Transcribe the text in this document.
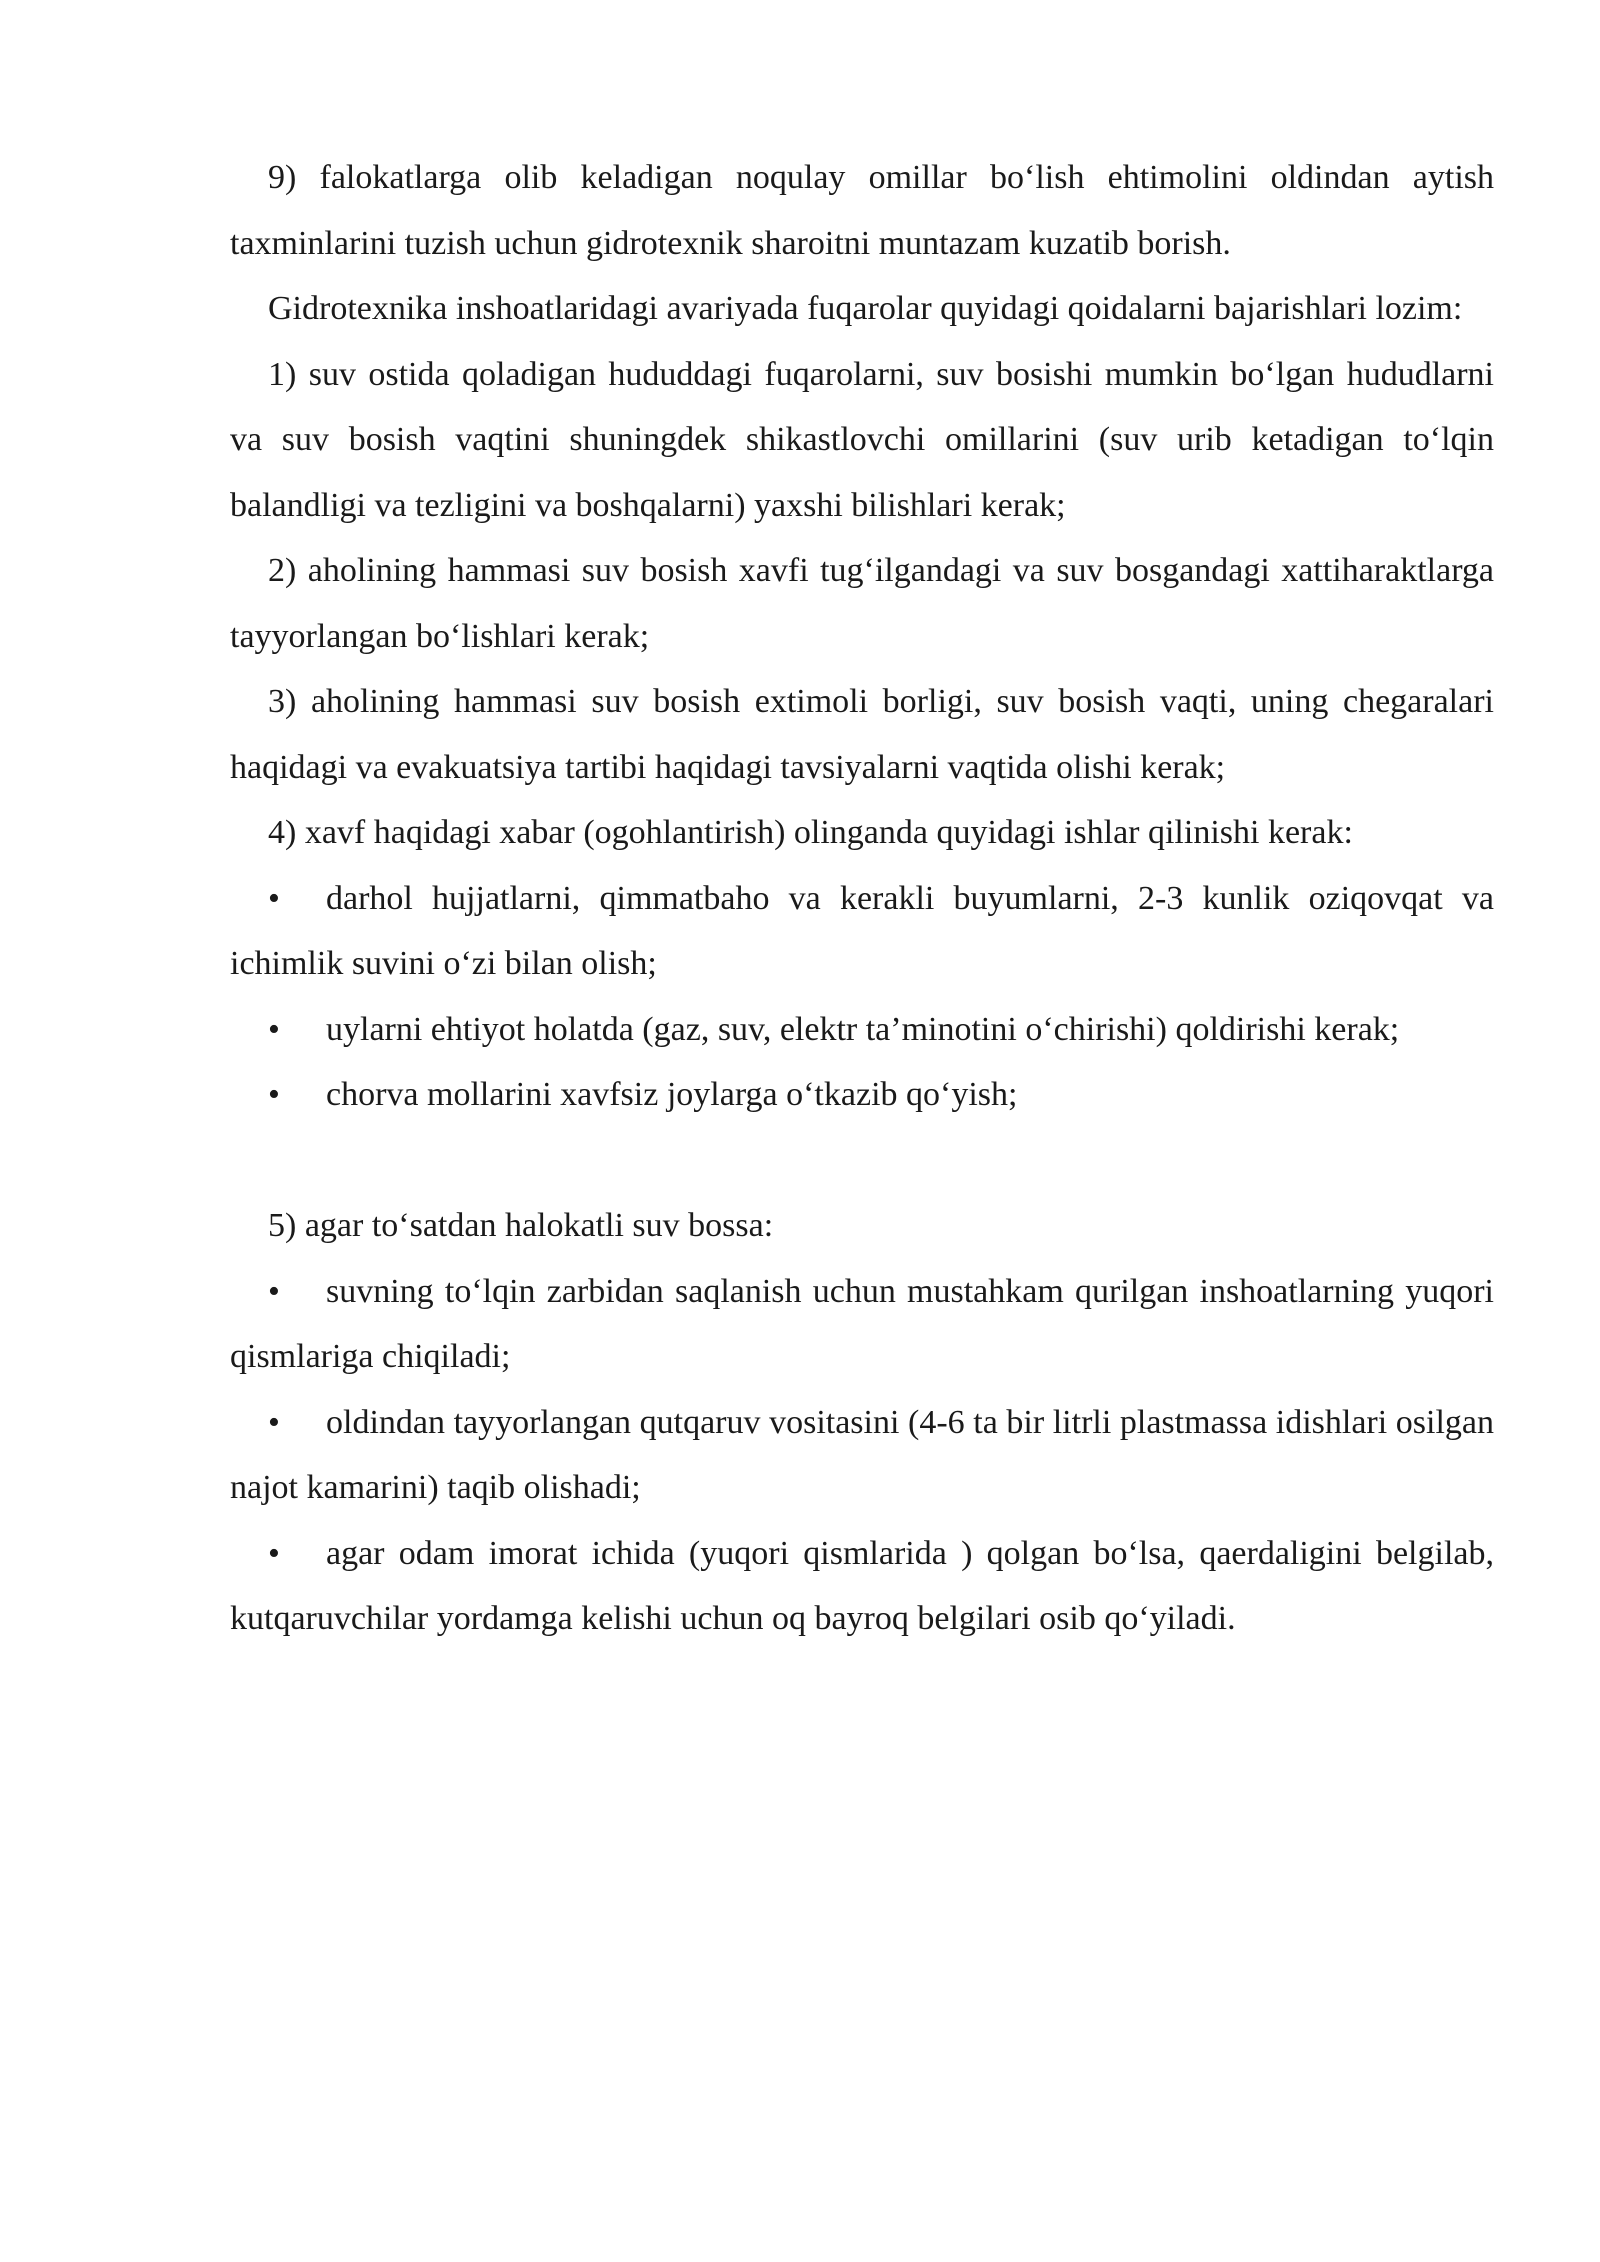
9) falokatlarga olib keladigan noqulay omillar bo‘lish ehtimolini oldindan aytish taxminlarini tuzish uchun gidrotexnik sharoitni muntazam kuzatib borish.

Gidrotexnika inshoatlaridagi avariyada fuqarolar quyidagi qoidalarni bajarishlari lozim:

1) suv ostida qoladigan hududdagi fuqarolarni, suv bosishi mumkin bo‘lgan hududlarni va suv bosish vaqtini shuningdek shikastlovchi omillarini (suv urib ketadigan to‘lqin balandligi va tezligini va boshqalarni) yaxshi bilishlari kerak;

2) aholining hammasi suv bosish xavfi tug‘ilgandagi va suv bosgandagi xattiharaktlarga tayyorlangan bo‘lishlari kerak;

3) aholining hammasi suv bosish extimoli borligi, suv bosish vaqti, uning chegaralari haqidagi va evakuatsiya tartibi haqidagi tavsiyalarni vaqtida olishi kerak;

4) xavf haqidagi xabar (ogohlantirish) olinganda quyidagi ishlar qilinishi kerak:

• darhol hujjatlarni, qimmatbaho va kerakli buyumlarni, 2-3 kunlik oziqovqat va ichimlik suvini o‘zi bilan olish;

• uylarni ehtiyot holatda (gaz, suv, elektr ta’minotini o‘chirishi) qoldirishi kerak;

• chorva mollarini xavfsiz joylarga o‘tkazib qo‘yish;

5) agar to‘satdan halokatli suv bossa:

• suvning to‘lqin zarbidan saqlanish uchun mustahkam qurilgan inshoatlarning yuqori qismlariga chiqiladi;

• oldindan tayyorlangan qutqaruv vositasini (4-6 ta bir litrli plastmassa idishlari osilgan najot kamarini) taqib olishadi;

• agar odam imorat ichida (yuqori qismlarida ) qolgan bo‘lsa, qaerdaligini belgilab, kutqaruvchilar yordamga kelishi uchun oq bayroq belgilari osib qo‘yiladi.
